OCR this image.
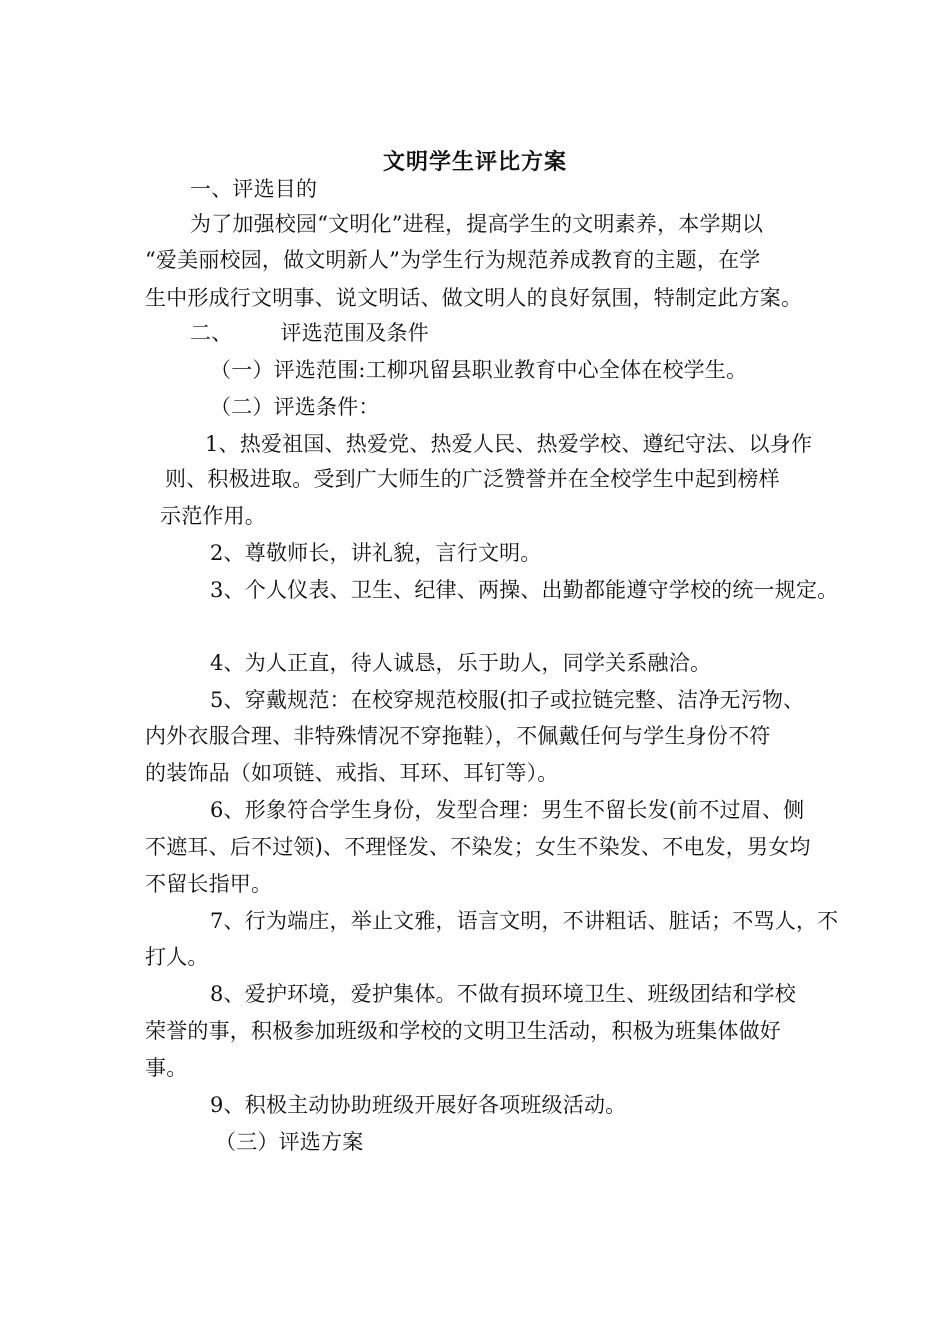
文明学生评比方案
一、评选目的
为了加强校园“文明化”进程，提高学生的文明素养，本学期以
“爱美丽校园，做文明新人”为学生行为规范养成教育的主题，在学
生中形成行文明事、说文明话、做文明人的良好氛围，特制定此方案。
二、       评选范围及条件
（一）评选范围:工柳巩留县职业教育中心全体在校学生。
（二）评选条件：
1、热爱祖国、热爱党、热爱人民、热爱学校、遵纪守法、以身作
则、积极进取。受到广大师生的广泛赞誉并在全校学生中起到榜样
示范作用。
2、尊敬师长，讲礼貌，言行文明。
3、个人仪表、卫生、纪律、两操、出勤都能遵守学校的统一规定。
4、为人正直，待人诚恳，乐于助人，同学关系融洽。
5、穿戴规范：在校穿规范校服(扣子或拉链完整、洁净无污物、
内外衣服合理、非特殊情况不穿拖鞋），不佩戴任何与学生身份不符
的装饰品（如项链、戒指、耳环、耳钉等）。
6、形象符合学生身份，发型合理：男生不留长发(前不过眉、侧
不遮耳、后不过领)、不理怪发、不染发；女生不染发、不电发，男女均
不留长指甲。
7、行为端庄，举止文雅，语言文明，不讲粗话、脏话；不骂人，不
打人。
8、爱护环境，爱护集体。不做有损环境卫生、班级团结和学校
荣誉的事，积极参加班级和学校的文明卫生活动，积极为班集体做好
事。
9、积极主动协助班级开展好各项班级活动。
（三）评选方案
